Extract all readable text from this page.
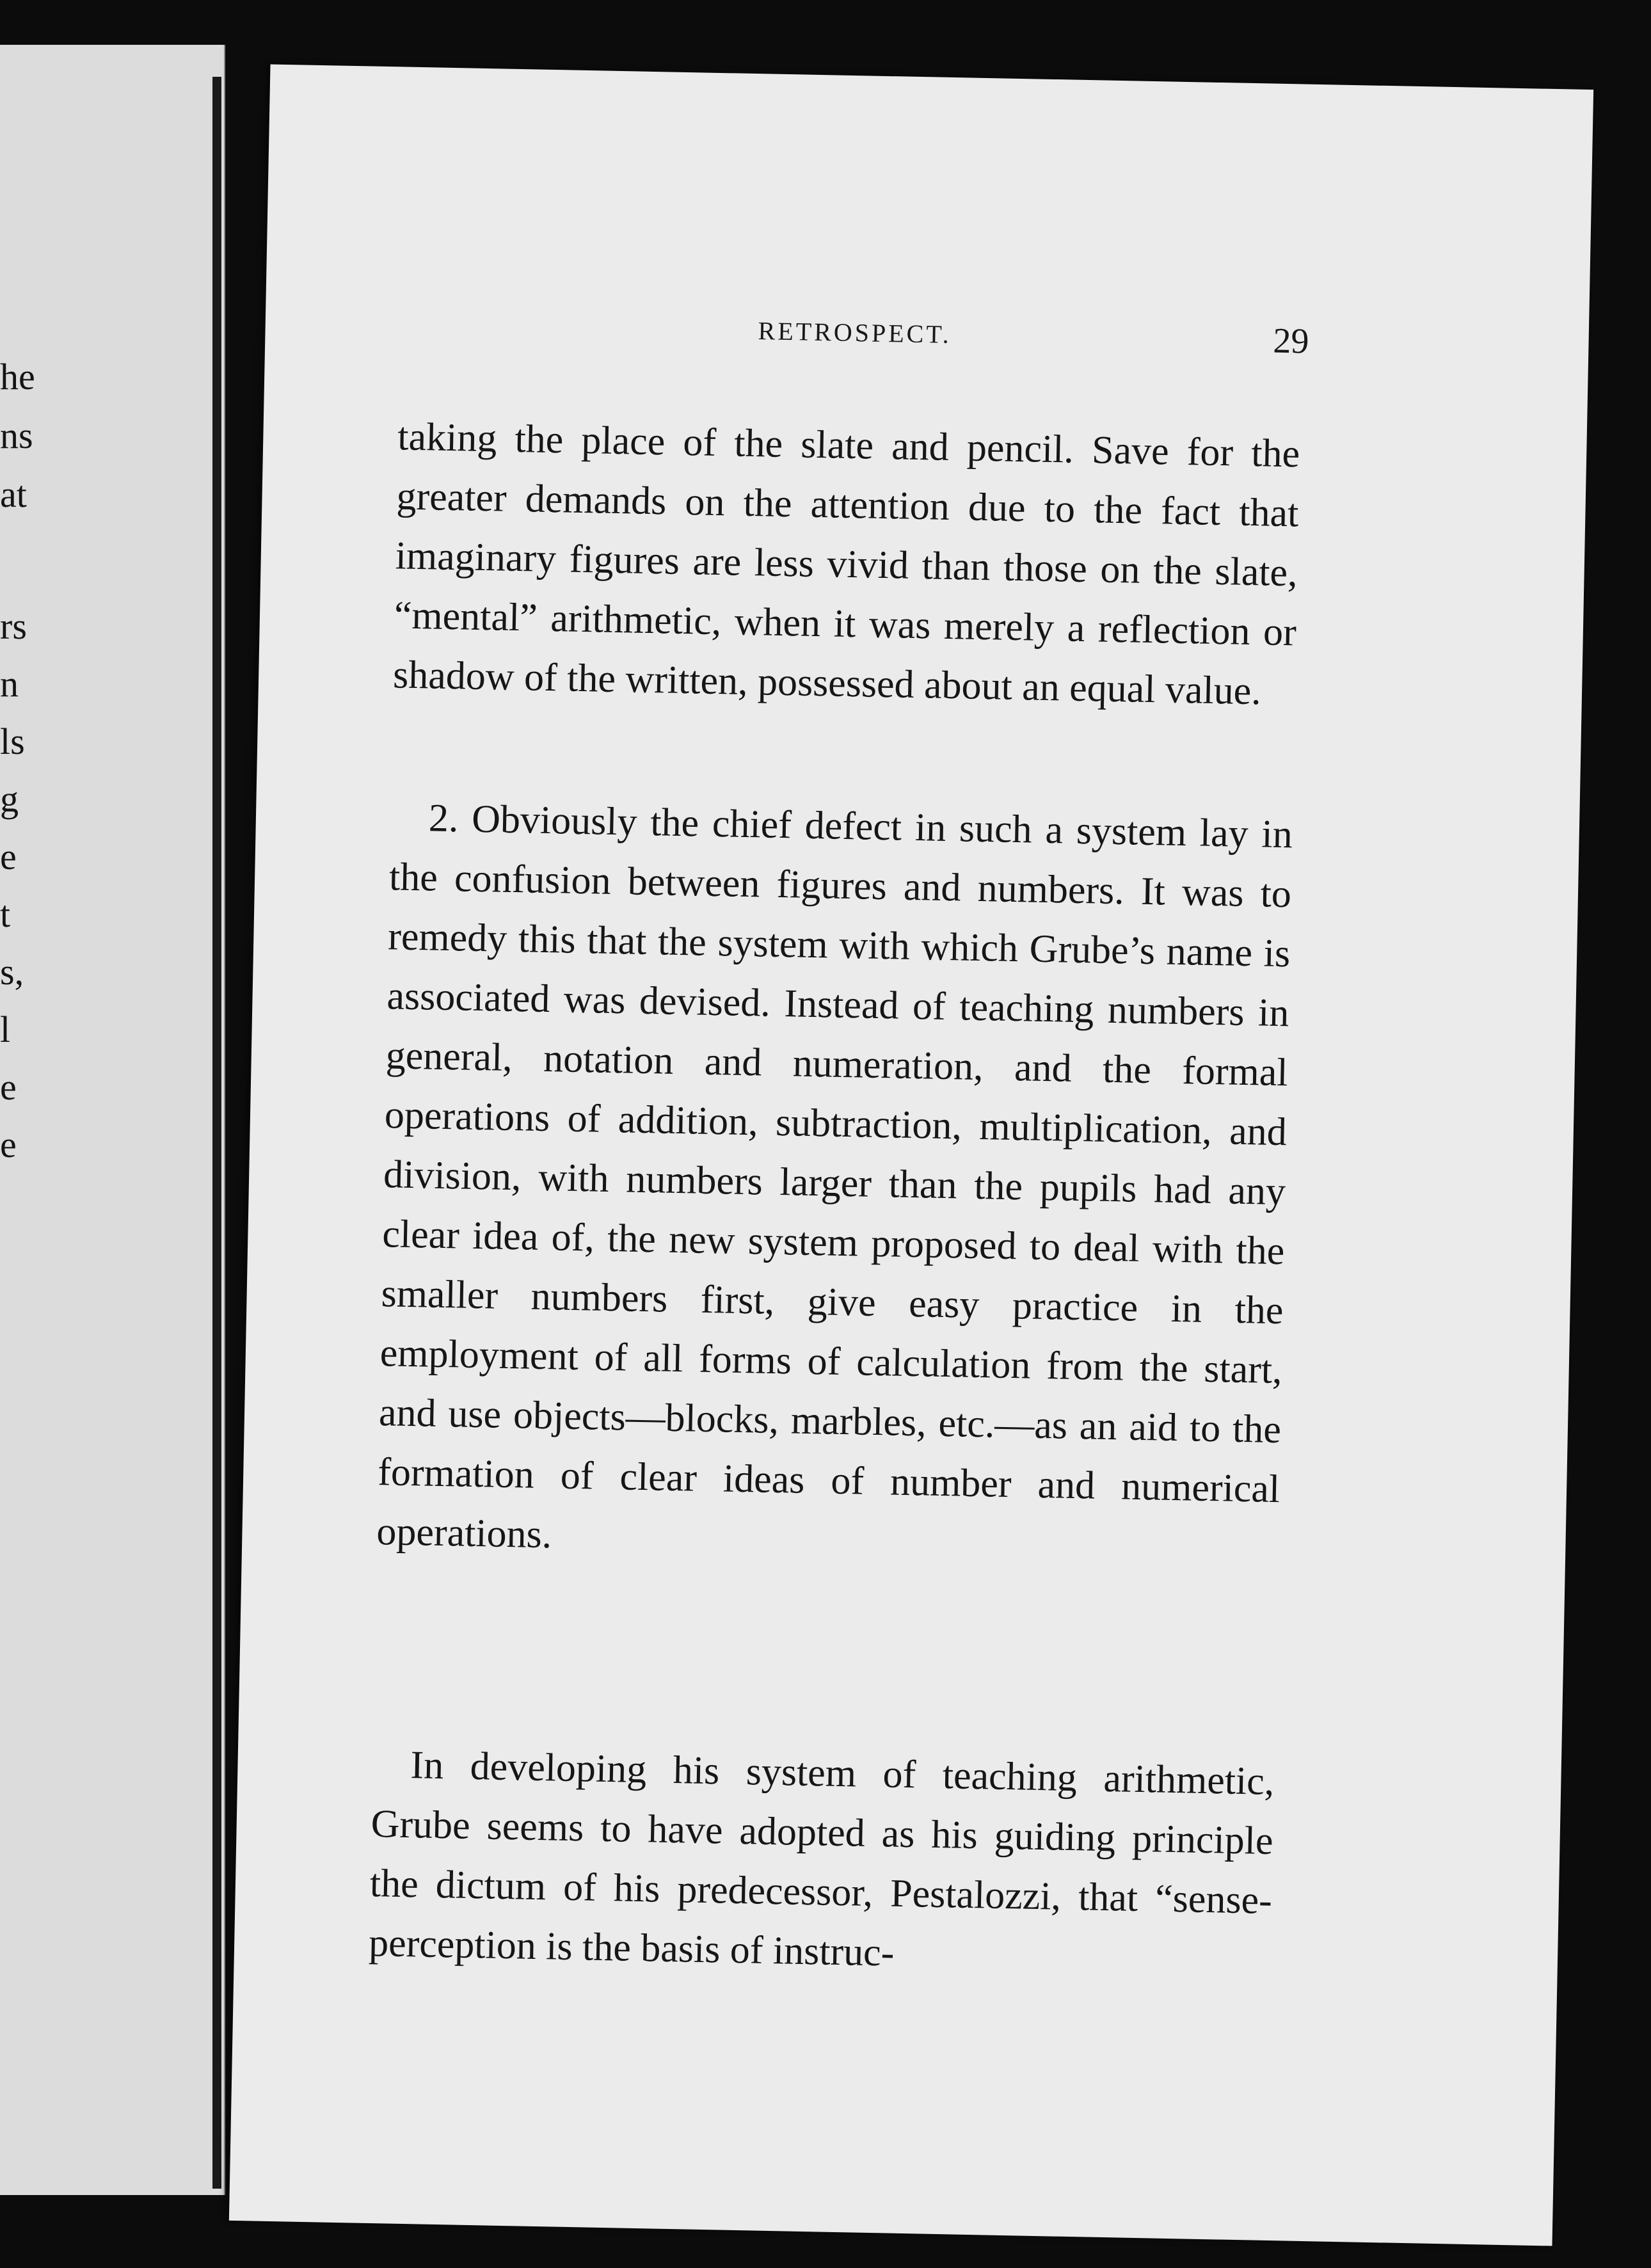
he
ns
at
rs
n
ls
g
e
t
s,
l
e
e
RETROSPECT.	29

taking the place of the slate and pencil. Save for the greater demands on the attention due to the fact that imaginary figures are less vivid than those on the slate, “mental” arithmetic, when it was merely a reflection or shadow of the written, possessed about an equal value.

2. Obviously the chief defect in such a system lay in the confusion between figures and numbers. It was to remedy this that the system with which Grube’s name is associated was devised. Instead of teaching numbers in general, notation and numeration, and the formal operations of addition, subtraction, multiplication, and division, with numbers larger than the pupils had any clear idea of, the new system proposed to deal with the smaller numbers first, give easy practice in the employment of all forms of calculation from the start, and use objects—blocks, marbles, etc.—as an aid to the formation of clear ideas of number and numerical operations.

In developing his system of teaching arithmetic, Grube seems to have adopted as his guiding principle the dictum of his predecessor, Pestalozzi, that “sense-perception is the basis of instruc-
